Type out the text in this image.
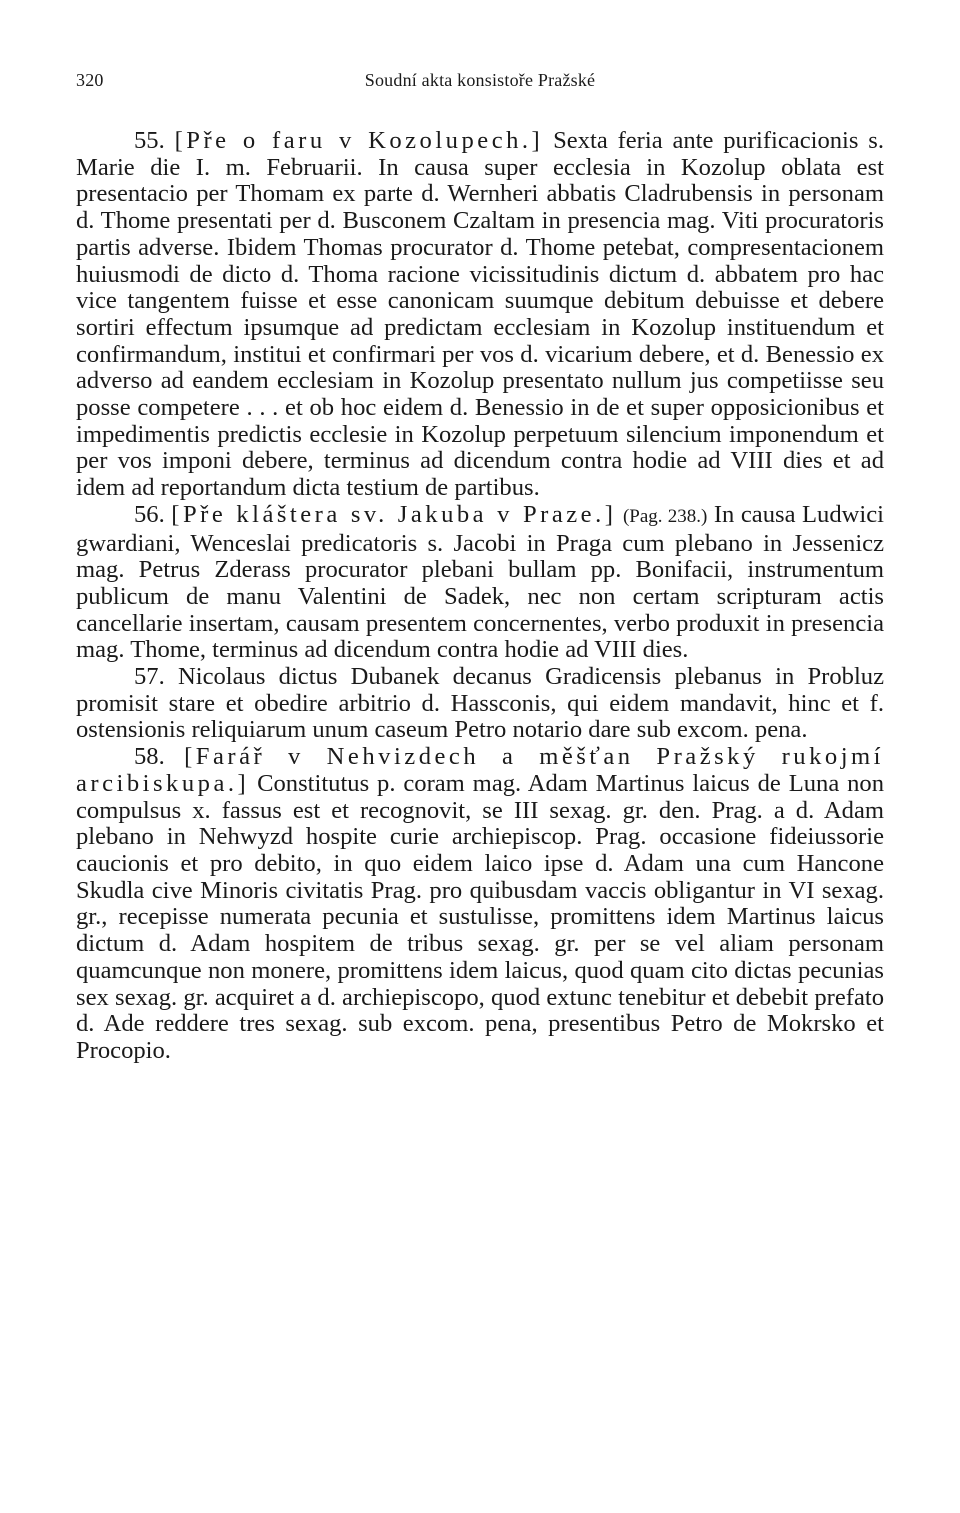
320	Soudní akta konsistoře Pražské

55. [Pře o faru v Kozolupech.] Sexta feria ante purificacionis s. Marie die I. m. Februarii. In causa super ecclesia in Kozolup oblata est presentacio per Thomam ex parte d. Wernheri abbatis Cladrubensis in personam d. Thome presentati per d. Busconem Czaltam in presencia mag. Viti procuratoris partis adverse. Ibidem Thomas procurator d. Thome petebat, compresentacionem huiusmodi de dicto d. Thoma racione vicissitudinis dictum d. abbatem pro hac vice tangentem fuisse et esse canonicam suumque debitum debuisse et debere sortiri effectum ipsumque ad predictam ecclesiam in Kozolup instituendum et confirmandum, institui et confirmari per vos d. vicarium debere, et d. Benessio ex adverso ad eandem ecclesiam in Kozolup presentato nullum jus competiisse seu posse competere . . . et ob hoc eidem d. Benessio in de et super opposicionibus et impedimentis predictis ecclesie in Kozolup perpetuum silencium imponendum et per vos imponi debere, terminus ad dicendum contra hodie ad VIII dies et ad idem ad reportandum dicta testium de partibus.

56. [Pře kláštera sv. Jakuba v Praze.] (Pag. 238.) In causa Ludwici gwardiani, Wenceslai predicatoris s. Jacobi in Praga cum plebano in Jessenicz mag. Petrus Zderass procurator plebani bullam pp. Bonifacii, instrumentum publicum de manu Valentini de Sadek, nec non certam scripturam actis cancellarie insertam, causam presentem concernentes, verbo produxit in presencia mag. Thome, terminus ad dicendum contra hodie ad VIII dies.

57. Nicolaus dictus Dubanek decanus Gradicensis plebanus in Probluz promisit stare et obedire arbitrio d. Hassconis, qui eidem mandavit, hinc et f. ostensionis reliquiarum unum caseum Petro notario dare sub excom. pena.

58. [Farář v Nehvizdech a měšťan Pražský rukojmí arcibiskupa.] Constitutus p. coram mag. Adam Martinus laicus de Luna non compulsus x. fassus est et recognovit, se III sexag. gr. den. Prag. a d. Adam plebano in Nehwyzd hospite curie archiepiscop. Prag. occasione fideiussorie caucionis et pro debito, in quo eidem laico ipse d. Adam una cum Hancone Skudla cive Minoris civitatis Prag. pro quibusdam vaccis obligantur in VI sexag. gr., recepisse numerata pecunia et sustulisse, promittens idem Martinus laicus dictum d. Adam hospitem de tribus sexag. gr. per se vel aliam personam quamcunque non monere, promittens idem laicus, quod quam cito dictas pecunias sex sexag. gr. acquiret a d. archiepiscopo, quod extunc tenebitur et debebit prefato d. Ade reddere tres sexag. sub excom. pena, presentibus Petro de Mokrsko et Procopio.
